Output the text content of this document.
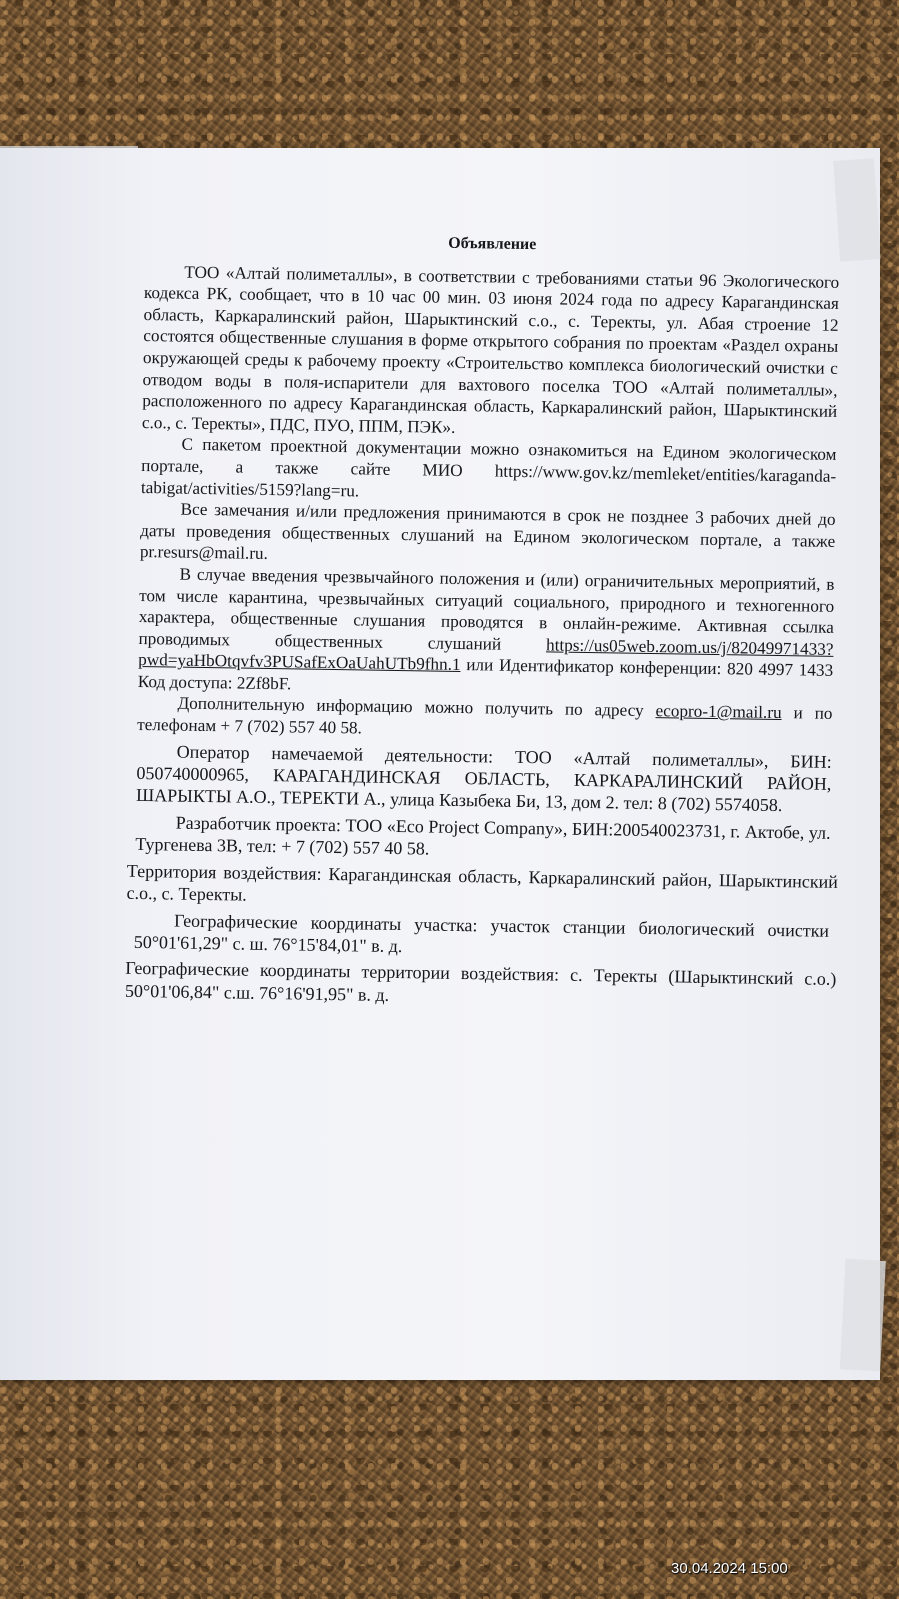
Объявление

ТОО «Алтай полиметаллы», в соответствии с требованиями статьи 96 Экологического кодекса РК, сообщает, что в 10 час 00 мин. 03 июня 2024 года по адресу Карагандинская область, Каркаралинский район, Шарыктинский с.о., с. Теректы, ул. Абая строение 12 состоятся общественные слушания в форме открытого собрания по проектам «Раздел охраны окружающей среды к рабочему проекту «Строительство комплекса биологический очистки с отводом воды в поля-испарители для вахтового поселка ТОО «Алтай полиметаллы», расположенного по адресу Карагандинская область, Каркаралинский район, Шарыктинский с.о., с. Теректы», ПДС, ПУО, ППМ, ПЭК».

С пакетом проектной документации можно ознакомиться на Едином экологическом портале, а также сайте МИО https://www.gov.kz/memleket/entities/karaganda-tabigat/activities/5159?lang=ru.

Все замечания и/или предложения принимаются в срок не позднее 3 рабочих дней до даты проведения общественных слушаний на Едином экологическом портале, а также pr.resurs@mail.ru.

В случае введения чрезвычайного положения и (или) ограничительных мероприятий, в том числе карантина, чрезвычайных ситуаций социального, природного и техногенного характера, общественные слушания проводятся в онлайн-режиме. Активная ссылка проводимых общественных слушаний	https://us05web.zoom.us/j/82049971433?pwd=yaHbOtqvfv3PUSafExOaUahUTb9fhn.1 или Идентификатор конференции: 820 4997 1433 Код доступа: 2Zf8bF.

Дополнительную информацию можно получить по адресу ecopro-1@mail.ru и по телефонам + 7 (702) 557 40 58.

Оператор намечаемой деятельности: ТОО «Алтай полиметаллы», БИН: 050740000965, КАРАГАНДИНСКАЯ ОБЛАСТЬ, КАРКАРАЛИНСКИЙ РАЙОН, ШАРЫКТЫ А.О., ТЕРЕКТИ А., улица Казыбека Би, 13, дом 2. тел: 8 (702) 5574058.

Разработчик проекта: ТОО «Eco Project Company», БИН:200540023731, г. Актобе, ул. Тургенева 3В, тел: + 7 (702) 557 40 58.

Территория воздействия: Карагандинская область, Каркаралинский район, Шарыктинский с.о., с. Теректы.

Географические координаты участка: участок станции биологический очистки 50°01'61,29" с. ш. 76°15'84,01" в. д.

Географические координаты территории воздействия: с. Теректы (Шарыктинский с.о.) 50°01'06,84" с.ш. 76°16'91,95" в. д.

30.04.2024 15:00
